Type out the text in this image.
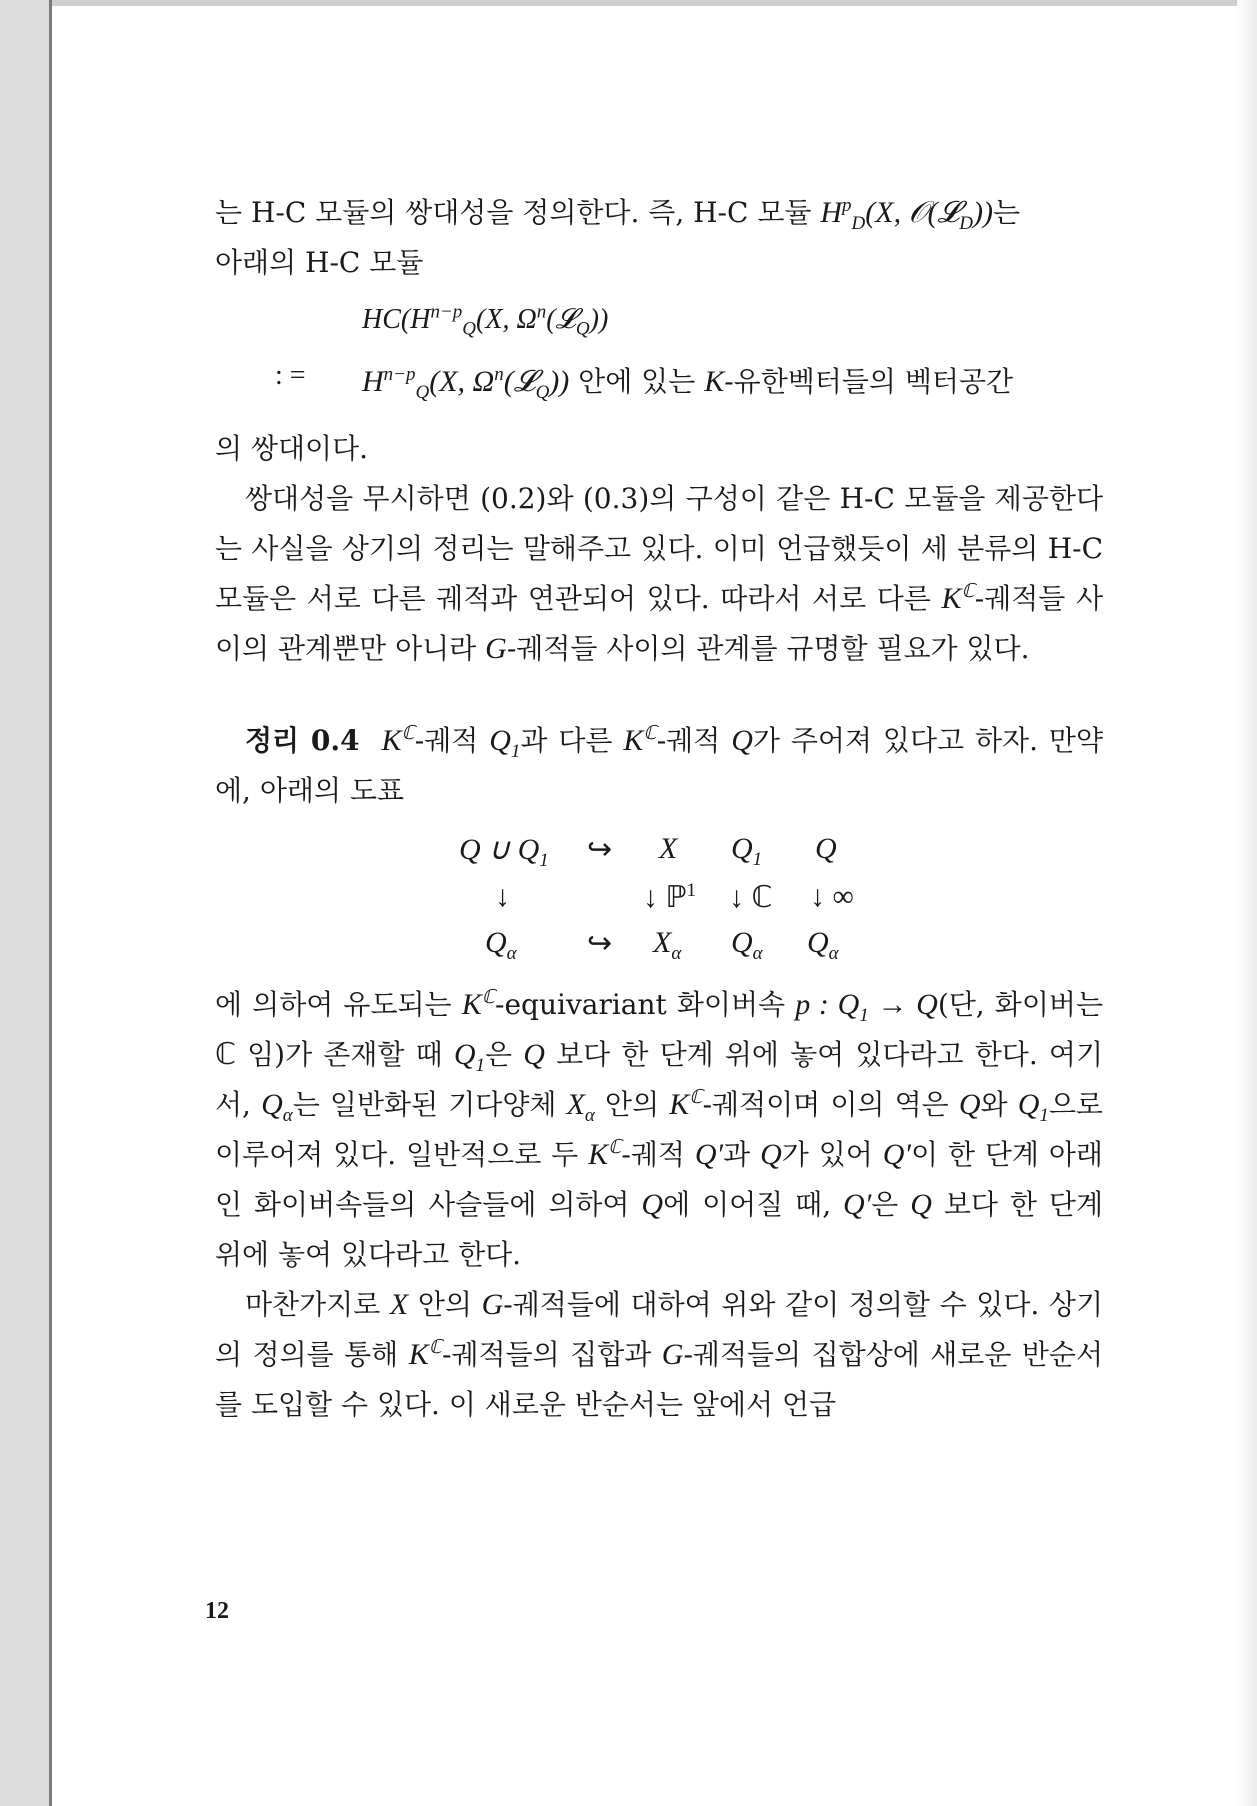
는 H-C 모듈의 쌍대성을 정의한다. 즉, H-C 모듈 $H^p_D(X$, 𝒪(𝓛$_D$))는
아래의 H-C 모듈

$HC(H^{n-p}_Q(X$, $\Omega^n(𝓛_Q)$)
: = $H^{n-p}_Q(X$, $\Omega^n(𝓛_Q)$) 안에 있는 K-유한벡터들의 벡터공간

의 쌍대이다.

쌍대성을 무시하면 (0.2)와 (0.3)의 구성이 같은 H-C 모듈을 제공한다는 사실을 상기의 정리는 말해주고 있다. 이미 언급했듯이 세 분류의 H-C 모듈은 서로 다른 궤적과 연관되어 있다. 따라서 서로 다른 $K^ℂ-$궤적들 사이의 관계뿐만 아니라 G-궤적들 사이의 관계를 규명할 필요가 있다.

정리 0.4 $K^ℂ-$궤적 $Q_1$과 다른 $K^ℂ-$궤적 Q가 주어져 있다고 하자. 만약에, 아래의 도표

Q ∪ $Q_1$ ↪ X $Q_1$ Q
↓	↓ ℙ$^1$ ↓ ℂ ↓ ∞
$Q_\alpha$ ↪ $X_\alpha$ $Q_\alpha$ $Q_\alpha$

에 의하여 유도되는 $K^ℂ$-equivariant 화이버속 p : $Q_1 \to Q$(단, 화이버는 ℂ 임)가 존재할 때 $Q_1$은 Q 보다 한 단계 위에 놓여 있다라고 한다. 여기서, $Q_\alpha$는 일반화된 기다양체 $X_\alpha$ 안의 $K^ℂ-$궤적이며 이의 역은 Q와 $Q_1$으로 이루어져 있다. 일반적으로 두 $K^ℂ-$궤적 Q′과 Q가 있어 Q′이 한 단계 아래인 화이버속들의 사슬들에 의하여 Q에 이어질 때, Q′은 Q 보다 한 단계 위에 놓여 있다라고 한다.

마찬가지로 X 안의 G-궤적들에 대하여 위와 같이 정의할 수 있다. 상기의 정의를 통해 $K^ℂ-$궤적들의 집합과 G-궤적들의 집합상에 새로운 반순서를 도입할 수 있다. 이 새로운 반순서는 앞에서 언급

12
